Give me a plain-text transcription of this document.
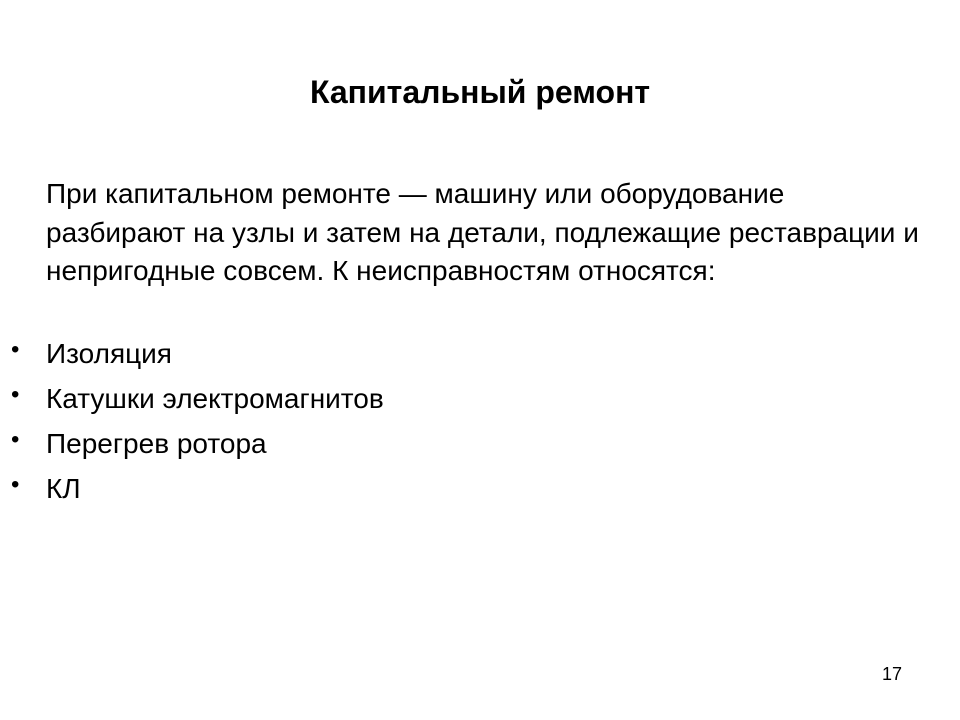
Капитальный ремонт

При капитальном ремонте — машину или оборудование разбирают на узлы и затем на детали, подлежащие реставрации и непригодные совсем. К неисправностям относятся:

• Изоляция
• Катушки электромагнитов
• Перегрев ротора
• КЛ
17
